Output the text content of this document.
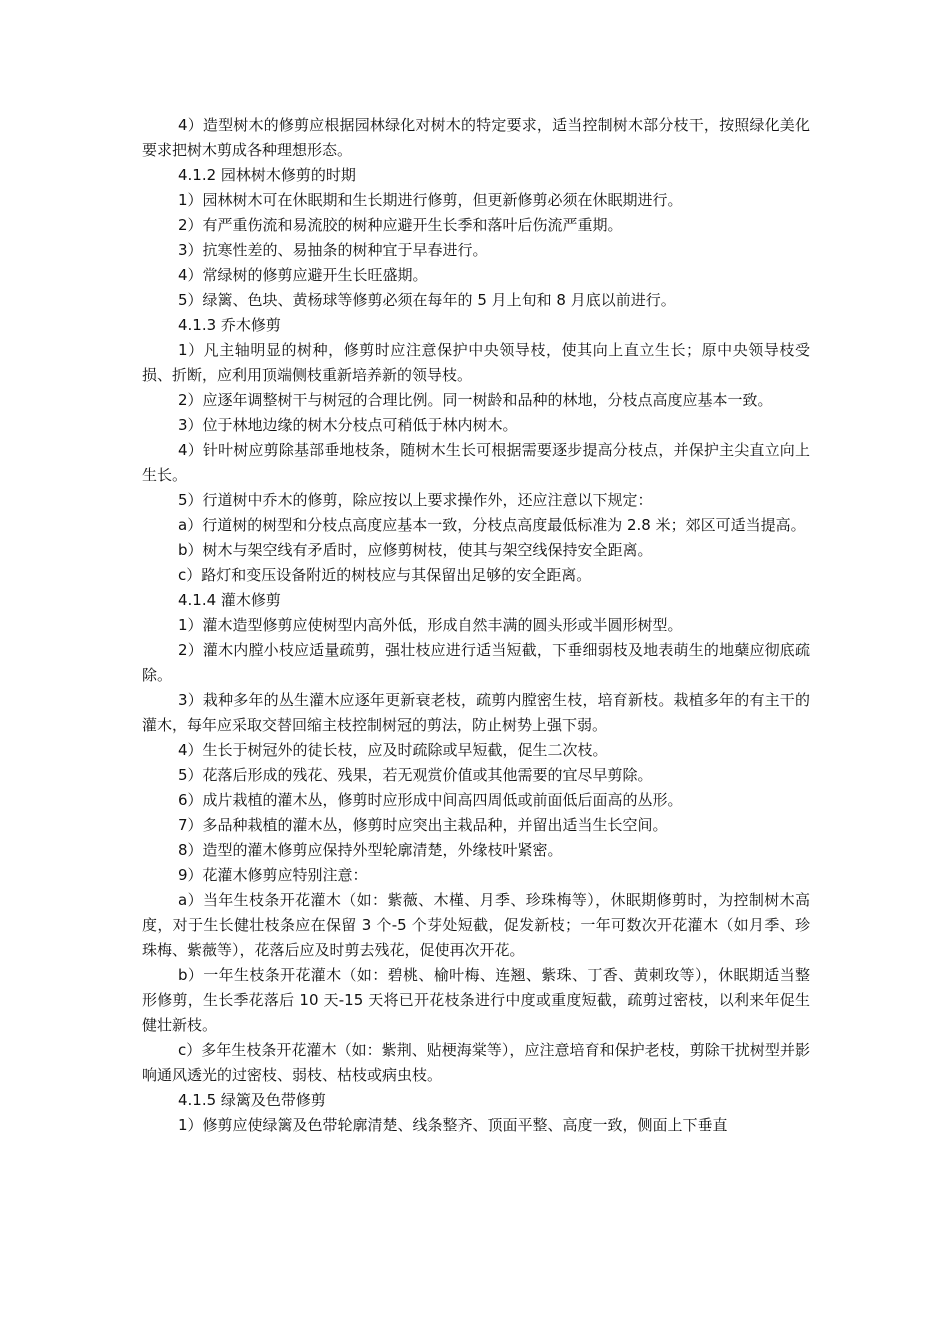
4）造型树木的修剪应根据园林绿化对树木的特定要求，适当控制树木部分枝干，按照绿化美化要求把树木剪成各种理想形态。

4.1.2 园林树木修剪的时期

1）园林树木可在休眠期和生长期进行修剪，但更新修剪必须在休眠期进行。

2）有严重伤流和易流胶的树种应避开生长季和落叶后伤流严重期。

3）抗寒性差的、易抽条的树种宜于早春进行。

4）常绿树的修剪应避开生长旺盛期。

5）绿篱、色块、黄杨球等修剪必须在每年的 5 月上旬和 8 月底以前进行。

4.1.3 乔木修剪

1）凡主轴明显的树种，修剪时应注意保护中央领导枝，使其向上直立生长；原中央领导枝受损、折断，应利用顶端侧枝重新培养新的领导枝。

2）应逐年调整树干与树冠的合理比例。同一树龄和品种的林地，分枝点高度应基本一致。

3）位于林地边缘的树木分枝点可稍低于林内树木。

4）针叶树应剪除基部垂地枝条，随树木生长可根据需要逐步提高分枝点，并保护主尖直立向上生长。

5）行道树中乔木的修剪，除应按以上要求操作外，还应注意以下规定：

a）行道树的树型和分枝点高度应基本一致，分枝点高度最低标准为 2.8 米；郊区可适当提高。

b）树木与架空线有矛盾时，应修剪树枝，使其与架空线保持安全距离。

c）路灯和变压设备附近的树枝应与其保留出足够的安全距离。

4.1.4 灌木修剪

1）灌木造型修剪应使树型内高外低，形成自然丰满的圆头形或半圆形树型。

2）灌木内膛小枝应适量疏剪，强壮枝应进行适当短截，下垂细弱枝及地表萌生的地蘖应彻底疏除。

3）栽种多年的丛生灌木应逐年更新衰老枝，疏剪内膛密生枝，培育新枝。栽植多年的有主干的灌木，每年应采取交替回缩主枝控制树冠的剪法，防止树势上强下弱。

4）生长于树冠外的徒长枝，应及时疏除或早短截，促生二次枝。

5）花落后形成的残花、残果，若无观赏价值或其他需要的宜尽早剪除。

6）成片栽植的灌木丛，修剪时应形成中间高四周低或前面低后面高的丛形。

7）多品种栽植的灌木丛，修剪时应突出主栽品种，并留出适当生长空间。

8）造型的灌木修剪应保持外型轮廓清楚，外缘枝叶紧密。

9）花灌木修剪应特别注意：

a）当年生枝条开花灌木（如：紫薇、木槿、月季、珍珠梅等），休眠期修剪时，为控制树木高度，对于生长健壮枝条应在保留 3 个-5 个芽处短截，促发新枝；一年可数次开花灌木（如月季、珍珠梅、紫薇等），花落后应及时剪去残花，促使再次开花。

b）一年生枝条开花灌木（如：碧桃、榆叶梅、连翘、紫珠、丁香、黄刺玫等），休眠期适当整形修剪，生长季花落后 10 天-15 天将已开花枝条进行中度或重度短截，疏剪过密枝，以利来年促生健壮新枝。

c）多年生枝条开花灌木（如：紫荆、贴梗海棠等），应注意培育和保护老枝，剪除干扰树型并影响通风透光的过密枝、弱枝、枯枝或病虫枝。

4.1.5 绿篱及色带修剪

1）修剪应使绿篱及色带轮廓清楚、线条整齐、顶面平整、高度一致，侧面上下垂直
